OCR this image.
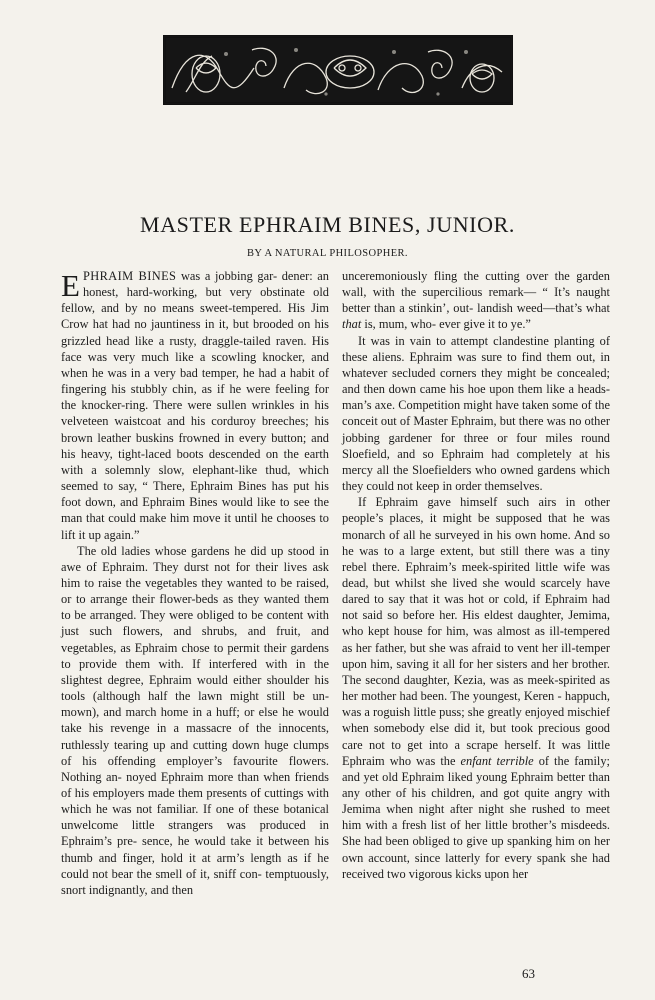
MASTER EPHRAIM BINES, JUNIOR.
BY A NATURAL PHILOSOPHER.

EPHRAIM BINES was a jobbing gar- dener: an honest, hard-working, but very obstinate old fellow, and by no means sweet-tempered. His Jim Crow hat had no jauntiness in it, but brooded on his grizzled head like a rusty, draggle-tailed raven. His face was very much like a scowling knocker, and when he was in a very bad temper, he had a habit of fingering his stubbly chin, as if he were feeling for the knocker-ring. There were sullen wrinkles in his velveteen waistcoat and his corduroy breeches; his brown leather buskins frowned in every button; and his heavy, tight-laced boots descended on the earth with a solemnly slow, elephant-like thud, which seemed to say, “ There, Ephraim Bines has put his foot down, and Ephraim Bines would like to see the man that could make him move it until he chooses to lift it up again.”

The old ladies whose gardens he did up stood in awe of Ephraim. They durst not for their lives ask him to raise the vegetables they wanted to be raised, or to arrange their flower-beds as they wanted them to be arranged. They were obliged to be content with just such flowers, and shrubs, and fruit, and vegetables, as Ephraim chose to permit their gardens to provide them with. If interfered with in the slightest degree, Ephraim would either shoulder his tools (although half the lawn might still be un- mown), and march home in a huff; or else he would take his revenge in a massacre of the innocents, ruthlessly tearing up and cutting down huge clumps of his offending employer’s favourite flowers. Nothing an- noyed Ephraim more than when friends of his employers made them presents of cuttings with which he was not familiar. If one of these botanical unwelcome little strangers was produced in Ephraim’s pre- sence, he would take it between his thumb and finger, hold it at arm’s length as if he could not bear the smell of it, sniff con- temptuously, snort indignantly, and then

unceremoniously fling the cutting over the garden wall, with the supercilious remark— “ It’s naught better than a stinkin’, out- landish weed—that’s what that is, mum, who- ever give it to ye.”

It was in vain to attempt clandestine planting of these aliens. Ephraim was sure to find them out, in whatever secluded corners they might be concealed; and then down came his hoe upon them like a heads- man’s axe. Competition might have taken some of the conceit out of Master Ephraim, but there was no other jobbing gardener for three or four miles round Sloefield, and so Ephraim had completely at his mercy all the Sloefielders who owned gardens which they could not keep in order themselves.

If Ephraim gave himself such airs in other people’s places, it might be supposed that he was monarch of all he surveyed in his own home. And so he was to a large extent, but still there was a tiny rebel there. Ephraim’s meek-spirited little wife was dead, but whilst she lived she would scarcely have dared to say that it was hot or cold, if Ephraim had not said so before her. His eldest daughter, Jemima, who kept house for him, was almost as ill-tempered as her father, but she was afraid to vent her ill-temper upon him, saving it all for her sisters and her brother. The second daughter, Kezia, was as meek-spirited as her mother had been. The youngest, Keren - happuch, was a roguish little puss; she greatly enjoyed mischief when somebody else did it, but took precious good care not to get into a scrape herself. It was little Ephraim who was the enfant terrible of the family; and yet old Ephraim liked young Ephraim better than any other of his children, and got quite angry with Jemima when night after night she rushed to meet him with a fresh list of her little brother’s misdeeds. She had been obliged to give up spanking him on her own account, since latterly for every spank she had received two vigorous kicks upon her

63
